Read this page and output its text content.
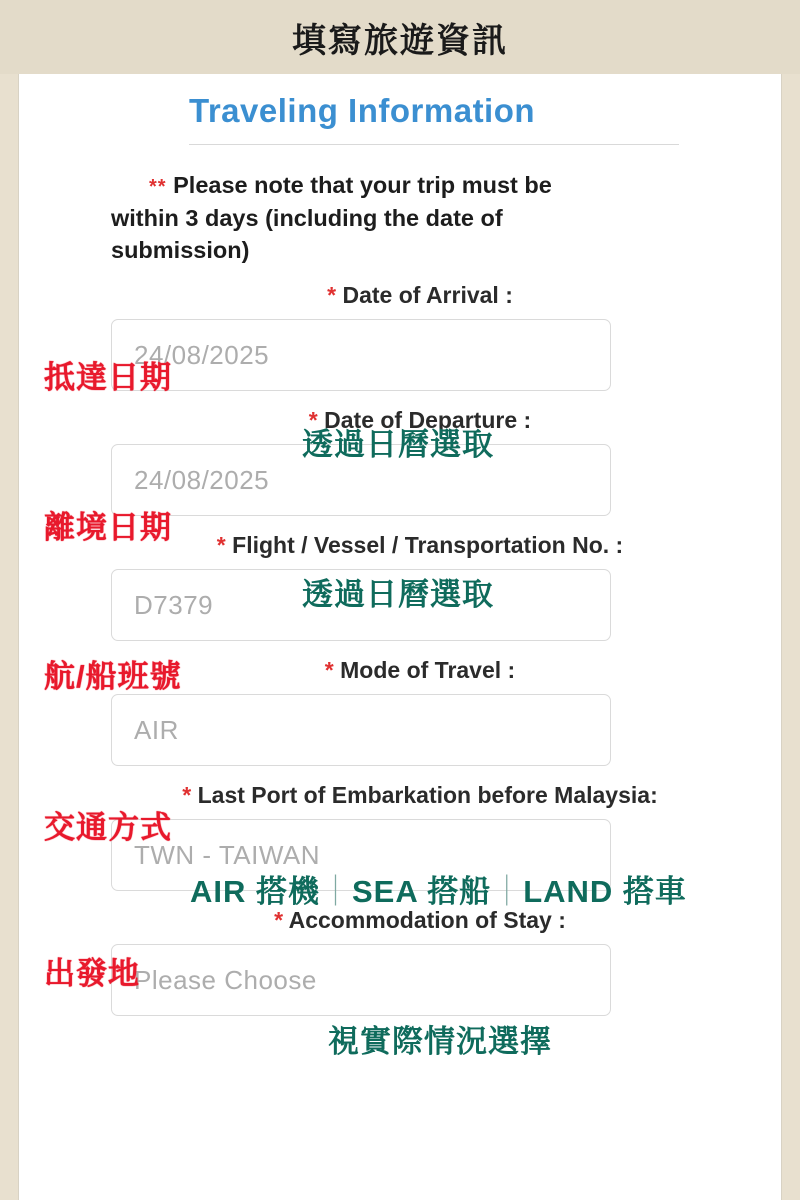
填寫旅遊資訊
Traveling Information
** Please note that your trip must be
within 3 days (including the date of
submission)
* Date of Arrival :
24/08/2025
* Date of Departure :
24/08/2025
* Flight / Vessel / Transportation No. :
D7379
* Mode of Travel :
AIR
* Last Port of Embarkation before Malaysia:
TWN - TAIWAN
* Accommodation of Stay :
Please Choose
抵達日期
透過日曆選取
離境日期
透過日曆選取
航/船班號
交通方式
AIR 搭機｜SEA 搭船｜LAND 搭車
出發地
視實際情況選擇
